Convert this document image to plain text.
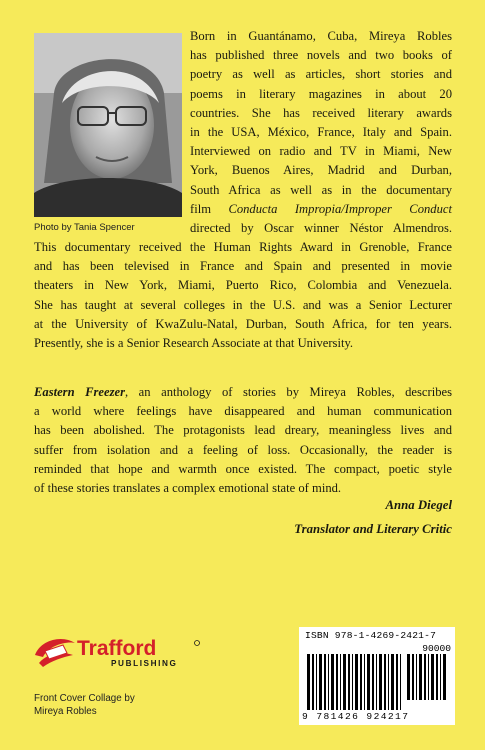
Photo by Tania Spencer
Born in Guantánamo, Cuba, Mireya Robles
has published three novels and two books of
poetry as well as articles, short stories and
poems in literary magazines in about 20
countries. She has received literary awards
in the USA, México, France, Italy and Spain.
Interviewed on radio and TV in Miami, New
York, Buenos Aires, Madrid and Durban,
South Africa as well as in the documentary
film Conducta Impropia/Improper Conduct
directed by Oscar winner Néstor Almendros.
This documentary received the Human Rights Award in Grenoble, France
and has been televised in France and Spain and presented in movie
theaters in New York, Miami, Puerto Rico, Colombia and Venezuela.
She has taught at several colleges in the U.S. and was a Senior Lecturer
at the University of KwaZulu-Natal, Durban, South Africa, for ten years.
Presently, she is a Senior Research Associate at that University.
Eastern Freezer, an anthology of stories by Mireya Robles, describes
a world where feelings have disappeared and human communication
has been abolished. The protagonists lead dreary, meaningless lives and
suffer from isolation and a feeling of loss. Occasionally, the reader is
reminded that hope and warmth once existed. The compact, poetic style
of these stories translates a complex emotional state of mind.
Anna Diegel
Translator and Literary Critic
Trafford
PUBLISHING
Front Cover Collage by
Mireya Robles
ISBN 978-1-4269-2421-7
90000
9 781426 924217
